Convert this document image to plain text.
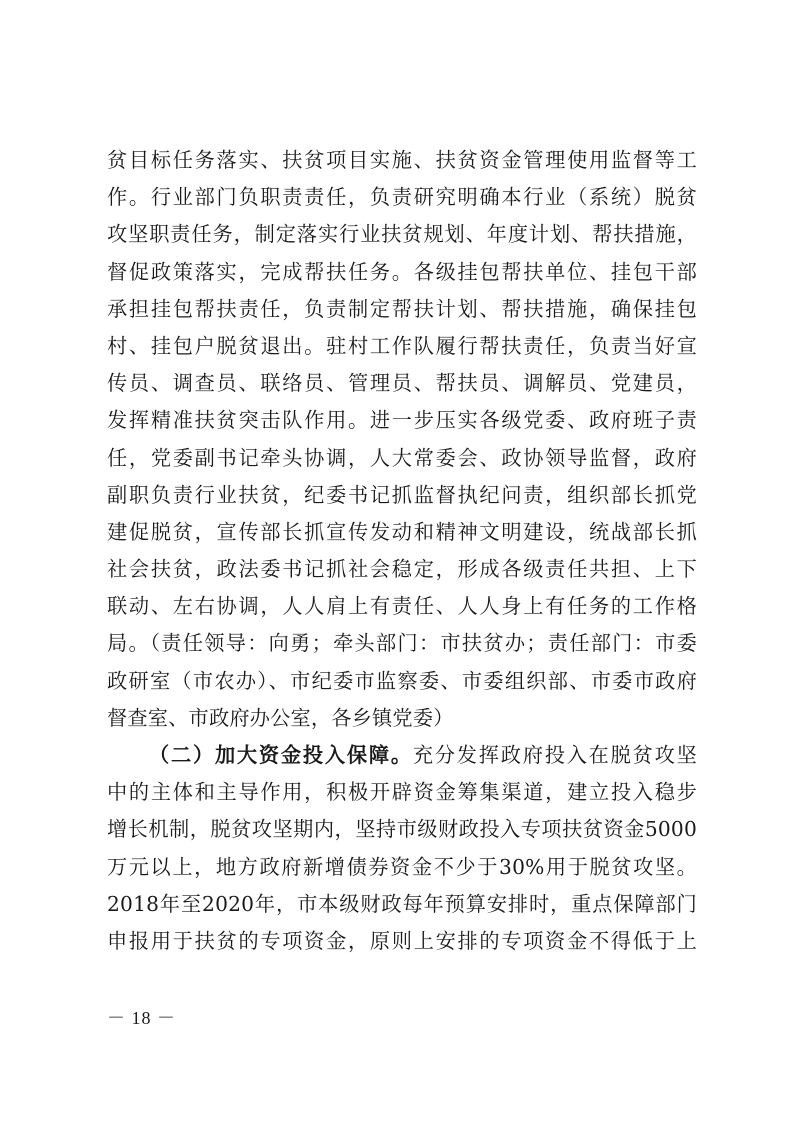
贫目标任务落实、扶贫项目实施、扶贫资金管理使用监督等工
作。行业部门负职责责任，负责研究明确本行业（系统）脱贫
攻坚职责任务，制定落实行业扶贫规划、年度计划、帮扶措施，
督促政策落实，完成帮扶任务。各级挂包帮扶单位、挂包干部
承担挂包帮扶责任，负责制定帮扶计划、帮扶措施，确保挂包
村、挂包户脱贫退出。驻村工作队履行帮扶责任，负责当好宣
传员、调查员、联络员、管理员、帮扶员、调解员、党建员，
发挥精准扶贫突击队作用。进一步压实各级党委、政府班子责
任，党委副书记牵头协调，人大常委会、政协领导监督，政府
副职负责行业扶贫，纪委书记抓监督执纪问责，组织部长抓党
建促脱贫，宣传部长抓宣传发动和精神文明建设，统战部长抓
社会扶贫，政法委书记抓社会稳定，形成各级责任共担、上下
联动、左右协调，人人肩上有责任、人人身上有任务的工作格
局。（责任领导：向勇；牵头部门：市扶贫办；责任部门：市委
政研室（市农办）、市纪委市监察委、市委组织部、市委市政府
督查室、市政府办公室，各乡镇党委）
（二）加大资金投入保障。充分发挥政府投入在脱贫攻坚
中的主体和主导作用，积极开辟资金筹集渠道，建立投入稳步
增长机制，脱贫攻坚期内，坚持市级财政投入专项扶贫资金5000
万元以上，地方政府新增债券资金不少于30%用于脱贫攻坚。
2018年至2020年，市本级财政每年预算安排时，重点保障部门
申报用于扶贫的专项资金，原则上安排的专项资金不得低于上
－ 18 －
